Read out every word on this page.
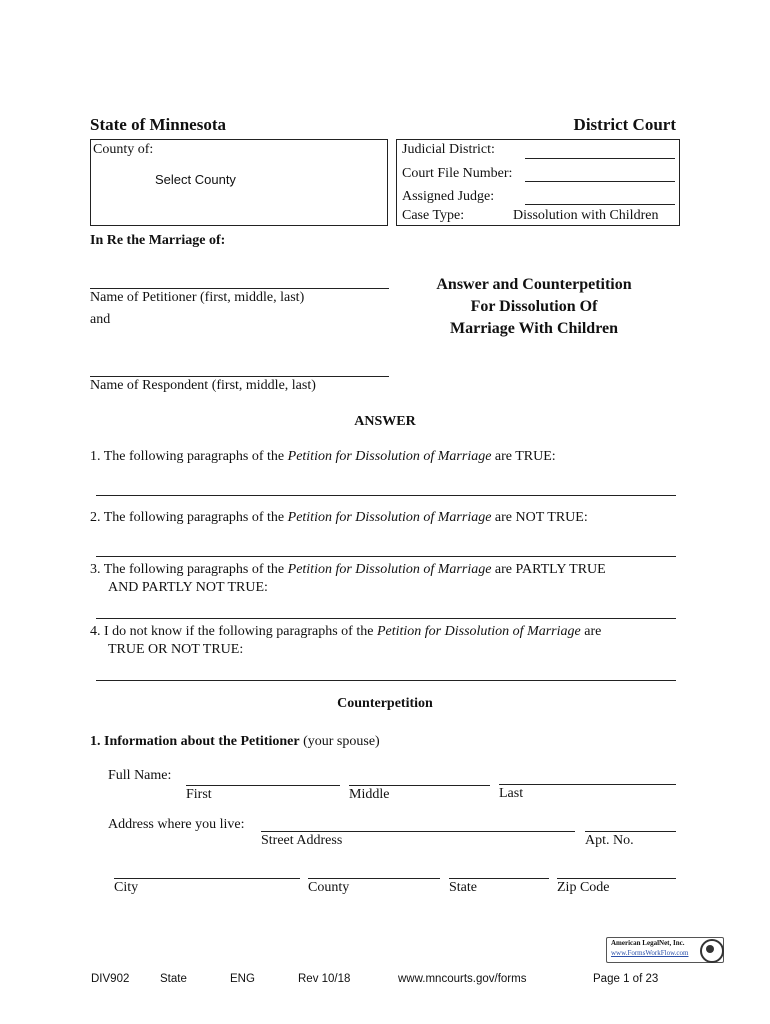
State of Minnesota	District Court
County of:
Select County
Judicial District:
Court File Number:
Assigned Judge:
Case Type:	Dissolution with Children
In Re the Marriage of:
Name of Petitioner (first, middle, last)
and
Name of Respondent (first, middle, last)
Answer and Counterpetition
For Dissolution Of
Marriage With Children
ANSWER
1. The following paragraphs of the Petition for Dissolution of Marriage are TRUE:
2. The following paragraphs of the Petition for Dissolution of Marriage are NOT TRUE:
3. The following paragraphs of the Petition for Dissolution of Marriage are PARTLY TRUE
AND PARTLY NOT TRUE:
4. I do not know if the following paragraphs of the Petition for Dissolution of Marriage are
TRUE OR NOT TRUE:
Counterpetition
1. Information about the Petitioner (your spouse)
Full Name:
First	Middle	Last
Address where you live:
Street Address	Apt. No.
City	County	State	Zip Code
American LegalNet, Inc.
www.FormsWorkFlow.com
DIV902	State	ENG	Rev 10/18	www.mncourts.gov/forms	Page 1 of 23
